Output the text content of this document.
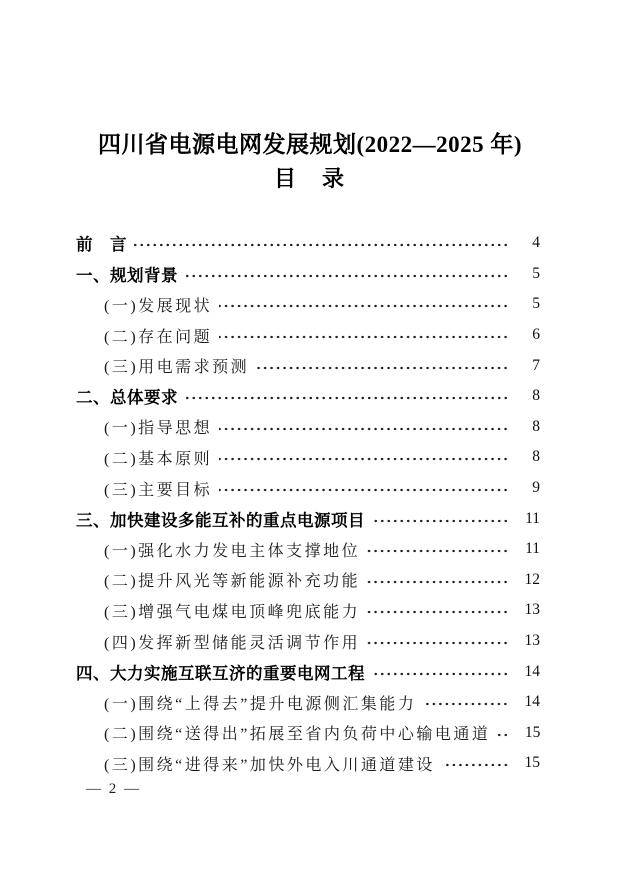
四川省电源电网发展规划(2022—2025 年)
目　录
前　言	4
一、规划背景	5
(一)发展现状	5
(二)存在问题	6
(三)用电需求预测	7
二、总体要求	8
(一)指导思想	8
(二)基本原则	8
(三)主要目标	9
三、加快建设多能互补的重点电源项目	11
(一)强化水力发电主体支撑地位	11
(二)提升风光等新能源补充功能	12
(三)增强气电煤电顶峰兜底能力	13
(四)发挥新型储能灵活调节作用	13
四、大力实施互联互济的重要电网工程	14
(一)围绕“上得去”提升电源侧汇集能力	14
(二)围绕“送得出”拓展至省内负荷中心输电通道	15
(三)围绕“进得来”加快外电入川通道建设	15
— 2 —
